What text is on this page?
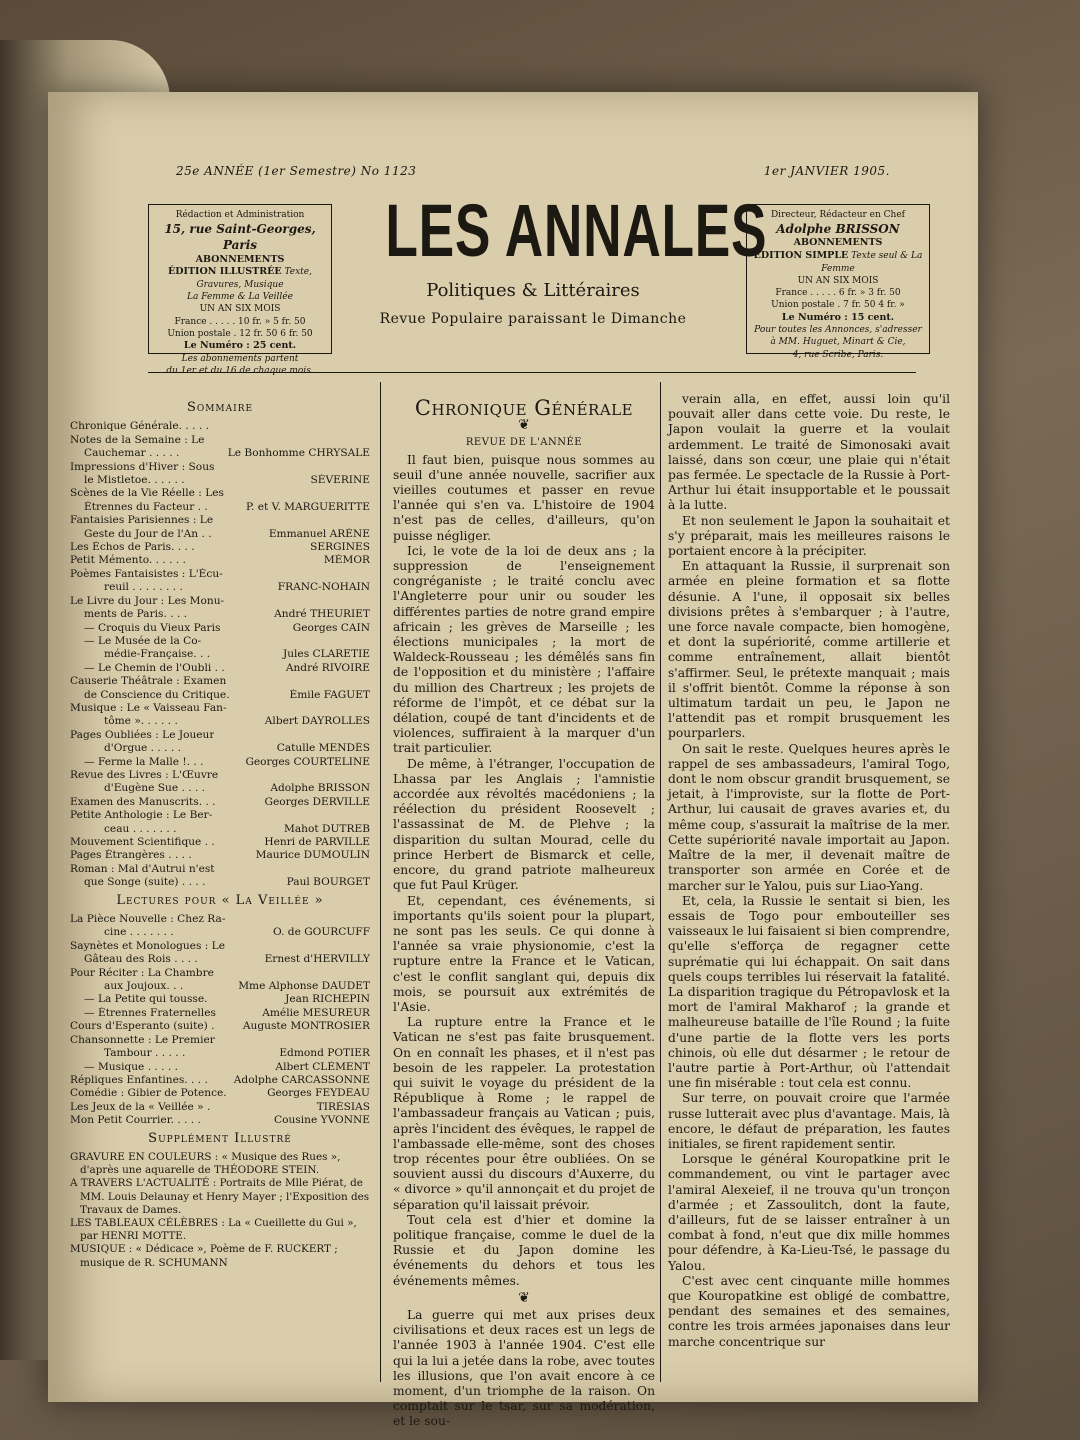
25e ANNÉE (1er Semestre) No 1123	1er JANVIER 1905.
Rédaction et Administration
15, rue Saint-Georges, Paris
ABONNEMENTS
ÉDITION ILLUSTRÉE Texte, Gravures, Musique
La Femme & La Veillée
UN AN SIX MOIS
France . . . . . 10 fr. » 5 fr. 50
Union postale . 12 fr. 50 6 fr. 50
Le Numéro : 25 cent.
Les abonnements partent
du 1er et du 16 de chaque mois.
LES ANNALES
Politiques & Littéraires
Revue Populaire paraissant le Dimanche
Directeur, Rédacteur en Chef
Adolphe BRISSON
ABONNEMENTS
ÉDITION SIMPLE Texte seul & La Femme
UN AN SIX MOIS
France . . . . . 6 fr. » 3 fr. 50
Union postale . 7 fr. 50 4 fr. »
Le Numéro : 15 cent.
Pour toutes les Annonces, s'adresser
à MM. Huguet, Minart & Cie,
4, rue Scribe, Paris.
Sommaire
Chronique Générale. . . . .
Notes de la Semaine : Le
Cauchemar . . . . .	Le Bonhomme CHRYSALE
Impressions d'Hiver : Sous
le Mistletoe. . . . . .	SÉVERINE
Scènes de la Vie Réelle : Les
Étrennes du Facteur . .	P. et V. MARGUERITTE
Fantaisies Parisiennes : Le
Geste du Jour de l'An . .	Emmanuel ARÈNE
Les Échos de Paris. . . .	SERGINES
Petit Mémento. . . . . .	MÉMOR
Poèmes Fantaisistes : L'Écu-
reuil . . . . . . . .	FRANC-NOHAIN
Le Livre du Jour : Les Monu-
ments de Paris. . . .	André THEURIET
— Croquis du Vieux Paris	Georges CAIN
— Le Musée de la Co-
médie-Française. . .	Jules CLARETIE
— Le Chemin de l'Oubli . .	André RIVOIRE
Causerie Théâtrale : Examen
de Conscience du Critique.	Émile FAGUET
Musique : Le « Vaisseau Fan-
tôme ». . . . . .	Albert DAYROLLES
Pages Oubliées : Le Joueur
d'Orgue . . . . .	Catulle MENDÈS
— Ferme la Malle !. . .	Georges COURTELINE
Revue des Livres : L'Œuvre
d'Eugène Sue . . . .	Adolphe BRISSON
Examen des Manuscrits. . .	Georges DERVILLE
Petite Anthologie : Le Ber-
ceau . . . . . . .	Mahot DUTREB
Mouvement Scientifique . .	Henri de PARVILLE
Pages Étrangères . . . .	Maurice DUMOULIN
Roman : Mal d'Autrui n'est
que Songe (suite) . . . .	Paul BOURGET
Lectures pour « La Veillée »
La Pièce Nouvelle : Chez Ra-
cine . . . . . . .	O. de GOURCUFF
Saynètes et Monologues : Le
Gâteau des Rois . . . .	Ernest d'HERVILLY
Pour Réciter : La Chambre
aux Joujoux. . .	Mme Alphonse DAUDET
— La Petite qui tousse.	Jean RICHEPIN
— Étrennes Fraternelles	Amélie MESUREUR
Cours d'Esperanto (suite) .	Auguste MONTROSIER
Chansonnette : Le Premier
Tambour . . . . .	Edmond POTIER
— Musique . . . . .	Albert CLÉMENT
Répliques Enfantines. . . . Adolphe CARCASSONNE
Comédie : Gibier de Potence.	Georges FEYDEAU
Les Jeux de la « Veillée » .	TIRÉSIAS
Mon Petit Courrier. . . . .	Cousine YVONNE
Supplément Illustré

GRAVURE EN COULEURS : « Musique des Rues », d'après une aquarelle de THÉODORE STEIN.

A TRAVERS L'ACTUALITÉ : Portraits de Mlle Piérat, de MM. Louis Delaunay et Henry Mayer ; l'Exposition des Travaux de Dames.

LES TABLEAUX CÉLÈBRES : La « Cueillette du Gui », par HENRI MOTTE.

MUSIQUE : « Dédicace », Poème de F. RUCKERT ; musique de R. SCHUMANN

Chronique Générale
❦
REVUE DE L'ANNÉE

Il faut bien, puisque nous sommes au seuil d'une année nouvelle, sacrifier aux vieilles coutumes et passer en revue l'année qui s'en va. L'histoire de 1904 n'est pas de celles, d'ailleurs, qu'on puisse négliger.

Ici, le vote de la loi de deux ans ; la suppression de l'enseignement congréganiste ; le traité conclu avec l'Angleterre pour unir ou souder les différentes parties de notre grand empire africain ; les grèves de Marseille ; les élections municipales ; la mort de Waldeck-Rousseau ; les démêlés sans fin de l'opposition et du ministère ; l'affaire du million des Chartreux ; les projets de réforme de l'impôt, et ce débat sur la délation, coupé de tant d'incidents et de violences, suffiraient à la marquer d'un trait particulier.

De même, à l'étranger, l'occupation de Lhassa par les Anglais ; l'amnistie accordée aux révoltés macédoniens ; la réélection du président Roosevelt ; l'assassinat de M. de Plehve ; la disparition du sultan Mourad, celle du prince Herbert de Bismarck et celle, encore, du grand patriote malheureux que fut Paul Krüger.

Et, cependant, ces événements, si importants qu'ils soient pour la plupart, ne sont pas les seuls. Ce qui donne à l'année sa vraie physionomie, c'est la rupture entre la France et le Vatican, c'est le conflit sanglant qui, depuis dix mois, se poursuit aux extrémités de l'Asie.

La rupture entre la France et le Vatican ne s'est pas faite brusquement. On en connaît les phases, et il n'est pas besoin de les rappeler. La protestation qui suivit le voyage du président de la République à Rome ; le rappel de l'ambassadeur français au Vatican ; puis, après l'incident des évêques, le rappel de l'ambassade elle-même, sont des choses trop récentes pour être oubliées. On se souvient aussi du discours d'Auxerre, du « divorce » qu'il annonçait et du projet de séparation qu'il laissait prévoir.

Tout cela est d'hier et domine la politique française, comme le duel de la Russie et du Japon domine les événements du dehors et tous les événements mêmes.

❦

La guerre qui met aux prises deux civilisations et deux races est un legs de l'année 1903 à l'année 1904. C'est elle qui la lui a jetée dans la robe, avec toutes les illusions, que l'on avait encore à ce moment, d'un triomphe de la raison. On comptait sur le tsar, sur sa modération, et le sou-

verain alla, en effet, aussi loin qu'il pouvait aller dans cette voie. Du reste, le Japon voulait la guerre et la voulait ardemment. Le traité de Simonosaki avait laissé, dans son cœur, une plaie qui n'était pas fermée. Le spectacle de la Russie à Port-Arthur lui était insupportable et le poussait à la lutte.

Et non seulement le Japon la souhaitait et s'y préparait, mais les meilleures raisons le portaient encore à la précipiter.

En attaquant la Russie, il surprenait son armée en pleine formation et sa flotte désunie. A l'une, il opposait six belles divisions prêtes à s'embarquer ; à l'autre, une force navale compacte, bien homogène, et dont la supériorité, comme artillerie et comme entraînement, allait bientôt s'affirmer. Seul, le prétexte manquait ; mais il s'offrit bientôt. Comme la réponse à son ultimatum tardait un peu, le Japon ne l'attendit pas et rompit brusquement les pourparlers.

On sait le reste. Quelques heures après le rappel de ses ambassadeurs, l'amiral Togo, dont le nom obscur grandit brusquement, se jetait, à l'improviste, sur la flotte de Port-Arthur, lui causait de graves avaries et, du même coup, s'assurait la maîtrise de la mer. Cette supériorité navale importait au Japon. Maître de la mer, il devenait maître de transporter son armée en Corée et de marcher sur le Yalou, puis sur Liao-Yang.

Et, cela, la Russie le sentait si bien, les essais de Togo pour embouteiller ses vaisseaux le lui faisaient si bien comprendre, qu'elle s'efforça de regagner cette suprématie qui lui échappait. On sait dans quels coups terribles lui réservait la fatalité. La disparition tragique du Pétropavlosk et la mort de l'amiral Makharof ; la grande et malheureuse bataille de l'île Round ; la fuite d'une partie de la flotte vers les ports chinois, où elle dut désarmer ; le retour de l'autre partie à Port-Arthur, où l'attendait une fin misérable : tout cela est connu.

Sur terre, on pouvait croire que l'armée russe lutterait avec plus d'avantage. Mais, là encore, le défaut de préparation, les fautes initiales, se firent rapidement sentir.

Lorsque le général Kouropatkine prit le commandement, ou vint le partager avec l'amiral Alexeief, il ne trouva qu'un tronçon d'armée ; et Zassoulitch, dont la faute, d'ailleurs, fut de se laisser entraîner à un combat à fond, n'eut que dix mille hommes pour défendre, à Ka-Lieu-Tsé, le passage du Yalou.

C'est avec cent cinquante mille hommes que Kouropatkine est obligé de combattre, pendant des semaines et des semaines, contre les trois armées japonaises dans leur marche concentrique sur
